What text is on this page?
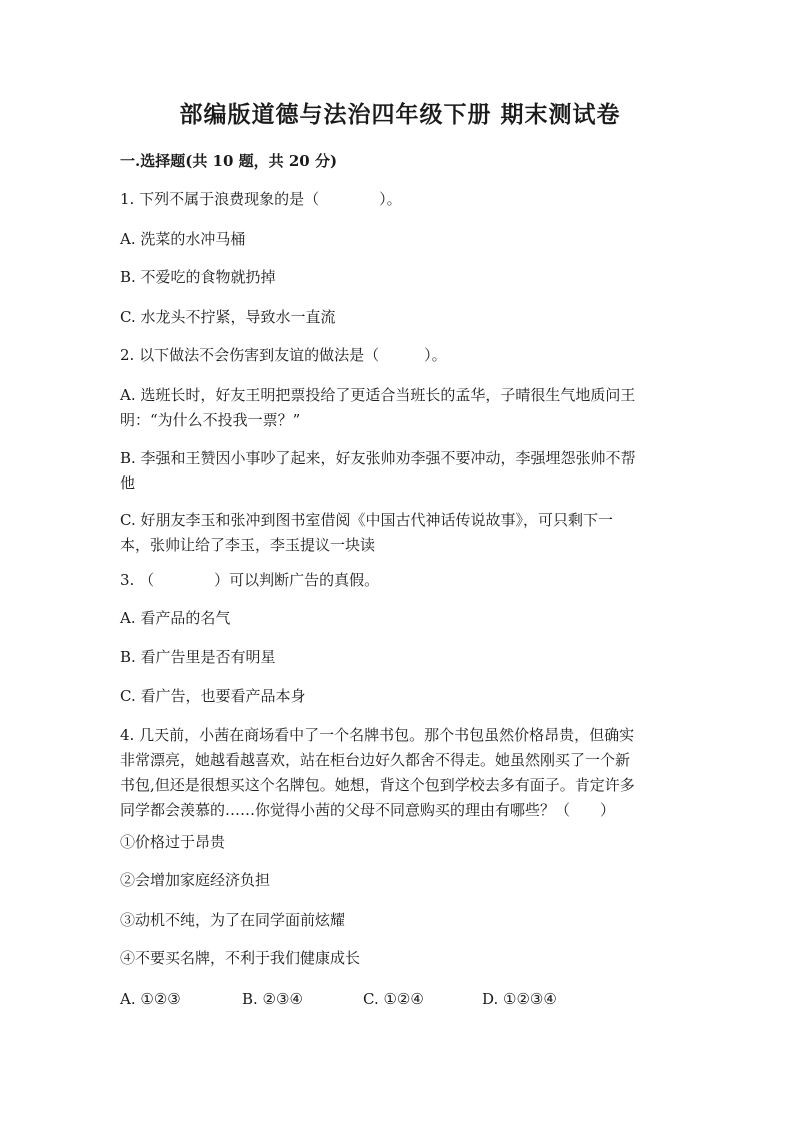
部编版道德与法治四年级下册 期末测试卷
一.选择题(共 10 题，共 20 分)

1. 下列不属于浪费现象的是（　　　　）。

A. 洗菜的水冲马桶

B. 不爱吃的食物就扔掉

C. 水龙头不拧紧，导致水一直流

2. 以下做法不会伤害到友谊的做法是（　　　）。

A. 选班长时，好友王明把票投给了更适合当班长的孟华，子晴很生气地质问王

明：“为什么不投我一票？”

B. 李强和王赞因小事吵了起来，好友张帅劝李强不要冲动，李强埋怨张帅不帮

他

C. 好朋友李玉和张冲到图书室借阅《中国古代神话传说故事》，可只剩下一

本，张帅让给了李玉，李玉提议一块读

3. （　　　　）可以判断广告的真假。

A. 看产品的名气

B. 看广告里是否有明星

C. 看广告，也要看产品本身

4. 几天前，小茜在商场看中了一个名牌书包。那个书包虽然价格昂贵，但确实

非常漂亮，她越看越喜欢，站在柜台边好久都舍不得走。她虽然刚买了一个新

书包,但还是很想买这个名牌包。她想，背这个包到学校去多有面子。肯定许多

同学都会羡慕的……你觉得小茜的父母不同意购买的理由有哪些？（　　）

①价格过于昂贵

②会增加家庭经济负担

③动机不纯，为了在同学面前炫耀

④不要买名牌，不利于我们健康成长

A. ①②③	B. ②③④	C. ①②④	D. ①②③④
